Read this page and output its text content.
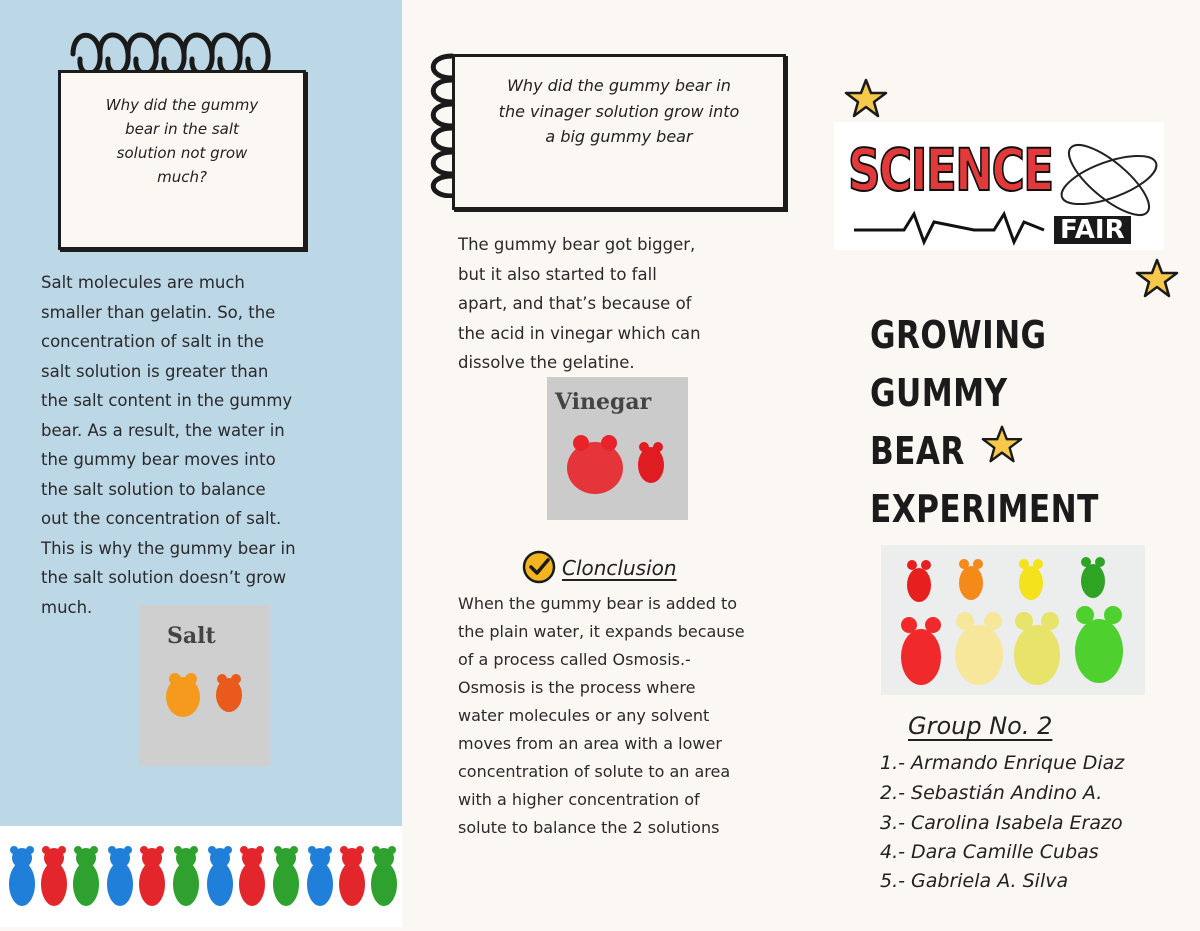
Why did the gummy bear in the salt solution not grow much?
Salt molecules are much
smaller than gelatin. So, the
concentration of salt in the
salt solution is greater than
the salt content in the gummy
bear. As a result, the water in
the gummy bear moves into
the salt solution to balance
out the concentration of salt.
This is why the gummy bear in
the salt solution doesn’t grow
much.
Salt
Why did the gummy bear in the vinager solution grow into a big gummy bear
The gummy bear got bigger,
but it also started to fall
apart, and that’s because of
the acid in vinegar which can
dissolve the gelatine.
Vinegar
Clonclusion
When the gummy bear is added to
the plain water, it expands because
of a process called Osmosis.-
Osmosis is the process where
water molecules or any solvent
moves from an area with a lower
concentration of solute to an area
with a higher concentration of
solute to balance the 2 solutions
SCIENCE
FAIR
GROWING
GUMMY
BEAR
EXPERIMENT
Group No. 2
1.- Armando Enrique Diaz
2.- Sebastián Andino A.
3.- Carolina Isabela Erazo
4.- Dara Camille Cubas
5.- Gabriela A. Silva
